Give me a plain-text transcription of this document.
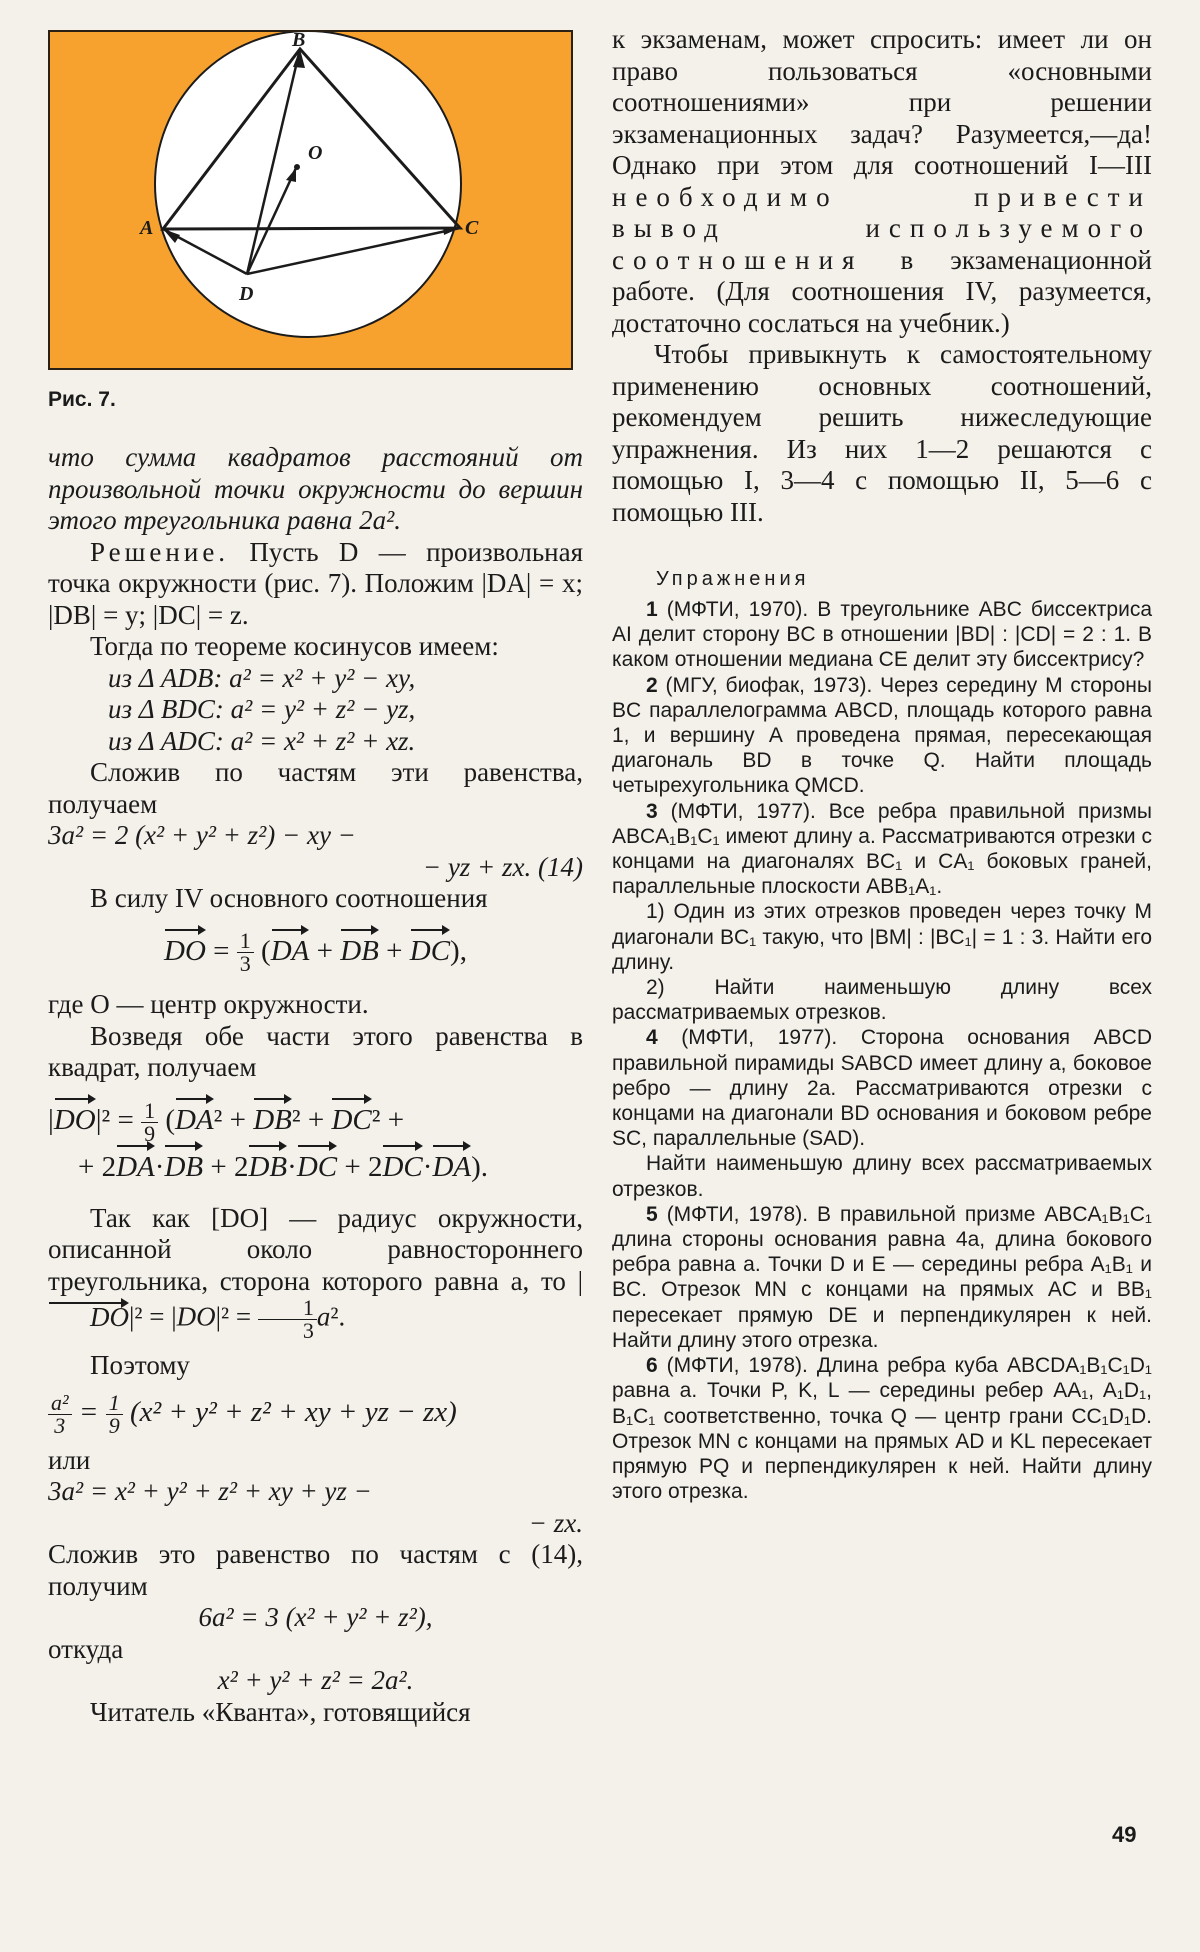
B
O
A	C
D
Рис. 7.

что сумма квадратов расстояний от произвольной точки окружности до вершин этого треугольника равна 2a².

Решение. Пусть D — произвольная точка окружности (рис. 7). Положим |DA| = x; |DB| = y; |DC| = z.

Тогда по теореме косинусов имеем:

из Δ ADB: a² = x² + y² − xy,
из Δ BDC: a² = y² + z² − yz,
из Δ ADC: a² = x² + z² + xz.

Сложив по частям эти равенства, получаем

3a² = 2 (x² + y² + z²) − xy −
− yz + zx. (14)

В силу IV основного соотношения

DO = $\frac{1}{3} (DA$ + DB + DC),

где O — центр окружности.

Возведя обе части этого равенства в квадрат, получаем

$|DO|^2 = \frac{1}{9} (DA^2 + DB^2 + DC^2$ +
+ 2DA·DB + 2DB·DC + 2DC·DA).

Так как [DO] — радиус окружности, описанной около равностороннего треугольника, сторона которого равна a, то $|DO|^2 = |DO|^2 = \frac{1}{3} a^2$.

Поэтому

$\frac{\text{a²}}{3} = \frac{1}{9} (x^2 + y^2 + z^2$ + xy + yz − zx)

или

3a² = x² + y² + z² + xy + yz −
− zx.

Сложив это равенство по частям с (14), получим

6a² = 3 (x² + y² + z²),

откуда

x² + y² + z² = 2a².

Читатель «Кванта», готовящийся

к экзаменам, может спросить: имеет ли он право пользоваться «основными соотношениями» при решении экзаменационных задач? Разумеется,—да! Однако при этом для соотношений I—III необходимо привести вывод используемого соотношения в экзаменационной работе. (Для соотношения IV, разумеется, достаточно сослаться на учебник.)

Чтобы привыкнуть к самостоятельному применению основных соотношений, рекомендуем решить нижеследующие упражнения. Из них 1—2 решаются с помощью I, 3—4 с помощью II, 5—6 с помощью III.

Упражнения

1 (МФТИ, 1970). В треугольнике ABC биссектриса AI делит сторону BC в отношении |BD| : |CD| = 2 : 1. В каком отношении медиана CE делит эту биссектрису?

2 (МГУ, биофак, 1973). Через середину M стороны BC параллелограмма ABCD, площадь которого равна 1, и вершину A проведена прямая, пересекающая диагональ BD в точке Q. Найти площадь четырехугольника QMCD.

3 (МФТИ, 1977). Все ребра правильной призмы ABCA₁B₁C₁ имеют длину a. Рассматриваются отрезки с концами на диагоналях BC₁ и CA₁ боковых граней, параллельные плоскости ABB₁A₁.

1) Один из этих отрезков проведен через точку M диагонали BC₁ такую, что |BM| : |BC₁| = 1 : 3. Найти его длину.

2) Найти наименьшую длину всех рассматриваемых отрезков.

4 (МФТИ, 1977). Сторона основания ABCD правильной пирамиды SABCD имеет длину a, боковое ребро — длину 2a. Рассматриваются отрезки с концами на диагонали BD основания и боковом ребре SC, параллельные (SAD).

Найти наименьшую длину всех рассматриваемых отрезков.

5 (МФТИ, 1978). В правильной призме ABCA₁B₁C₁ длина стороны основания равна 4a, длина бокового ребра равна a. Точки D и E — середины ребра A₁B₁ и BC. Отрезок MN с концами на прямых AC и BB₁ пересекает прямую DE и перпендикулярен к ней. Найти длину этого отрезка.

6 (МФТИ, 1978). Длина ребра куба ABCDA₁B₁C₁D₁ равна a. Точки P, K, L — середины ребер AA₁, A₁D₁, B₁C₁ соответственно, точка Q — центр грани CC₁D₁D. Отрезок MN с концами на прямых AD и KL пересекает прямую PQ и перпендикулярен к ней. Найти длину этого отрезка.

49
